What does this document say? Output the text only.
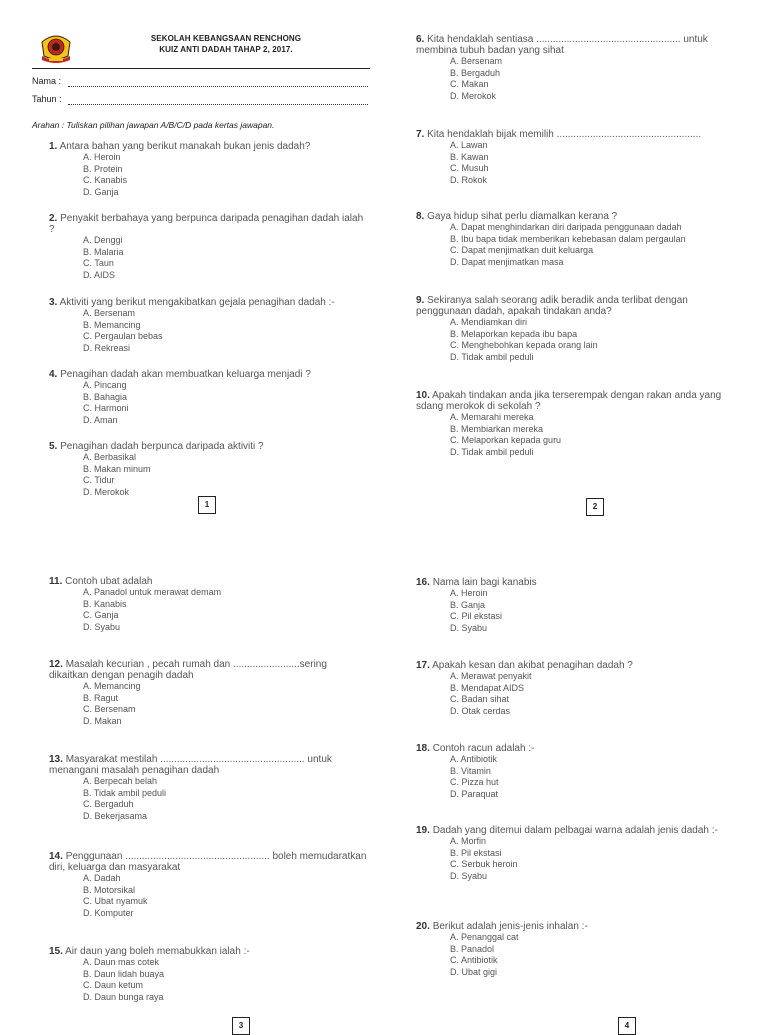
SEKOLAH KEBANGSAAN RENCHONG
KUIZ ANTI DADAH TAHAP 2, 2017.
Nama :
Tahun :
Arahan : Tuliskan pilihan jawapan A/B/C/D pada kertas jawapan.
1. Antara bahan yang berikut manakah bukan jenis dadah?
A. Heroin
B. Protein
C. Kanabis
D. Ganja
2. Penyakit berbahaya yang berpunca daripada penagihan dadah ialah ?
A. Denggi
B. Malaria
C. Taun
D. AIDS
3. Aktiviti yang berikut mengakibatkan gejala penagihan dadah :-
A. Bersenam
B. Memancing
C. Pergaulan bebas
D. Rekreasi
4. Penagihan dadah akan membuatkan keluarga menjadi ?
A. Pincang
B. Bahagia
C. Harmoni
D. Aman
5. Penagihan dadah berpunca daripada aktiviti ?
A. Berbasikal
B. Makan minum
C. Tidur
D. Merokok
1
6. Kita hendaklah sentiasa .................................................... untuk membina tubuh badan yang sihat
A. Bersenam
B. Bergaduh
C. Makan
D. Merokok
7. Kita hendaklah bijak memilih ....................................................
A. Lawan
B. Kawan
C. Musuh
D. Rokok
8. Gaya hidup sihat perlu diamalkan kerana ?
A. Dapat menghindarkan diri daripada penggunaan dadah
B. Ibu bapa tidak memberikan kebebasan dalam pergaulan
C. Dapat menjimatkan duit keluarga
D. Dapat menjimatkan masa
9. Sekiranya salah seorang adik beradik anda terlibat dengan penggunaan dadah, apakah tindakan anda?
A. Mendiamkan diri
B. Melaporkan kepada ibu bapa
C. Menghebohkan kepada orang lain
D. Tidak ambil peduli
10. Apakah tindakan anda jika terserempak dengan rakan anda yang sdang merokok di sekolah ?
A. Memarahi mereka
B. Membiarkan mereka
C. Melaporkan kepada guru
D. Tidak ambil peduli
2
11. Contoh ubat adalah
A. Panadol untuk merawat demam
B. Kanabis
C. Ganja
D. Syabu
12. Masalah kecurian , pecah rumah dan ........................sering dikaitkan dengan penagih dadah
A. Memancing
B. Ragut
C. Bersenam
D. Makan
13. Masyarakat mestilah .................................................... untuk menangani masalah penagihan dadah
A. Berpecah belah
B. Tidak ambil peduli
C. Bergaduh
D. Bekerjasama
14. Penggunaan .................................................... boleh memudaratkan diri, keluarga dan masyarakat
A. Dadah
B. Motorsikal
C. Ubat nyamuk
D. Komputer
15. Air daun yang boleh memabukkan ialah :-
A. Daun mas cotek
B. Daun lidah buaya
C. Daun ketum
D. Daun bunga raya
3
16. Nama lain bagi kanabis
A. Heroin
B. Ganja
C. Pil ekstasi
D. Syabu
17. Apakah kesan dan akibat penagihan dadah ?
A. Merawat penyakit
B. Mendapat AIDS
C. Badan sihat
D. Otak cerdas
18. Contoh racun adalah :-
A. Antibiotik
B. Vitamin
C. Pizza hut
D. Paraquat
19. Dadah yang ditemui dalam pelbagai warna adalah jenis dadah :-
A. Morfin
B. Pil ekstasi
C. Serbuk heroin
D. Syabu
20. Berikut adalah jenis-jenis inhalan :-
A. Penanggal cat
B. Panadol
C. Antibiotik
D. Ubat gigi
4
